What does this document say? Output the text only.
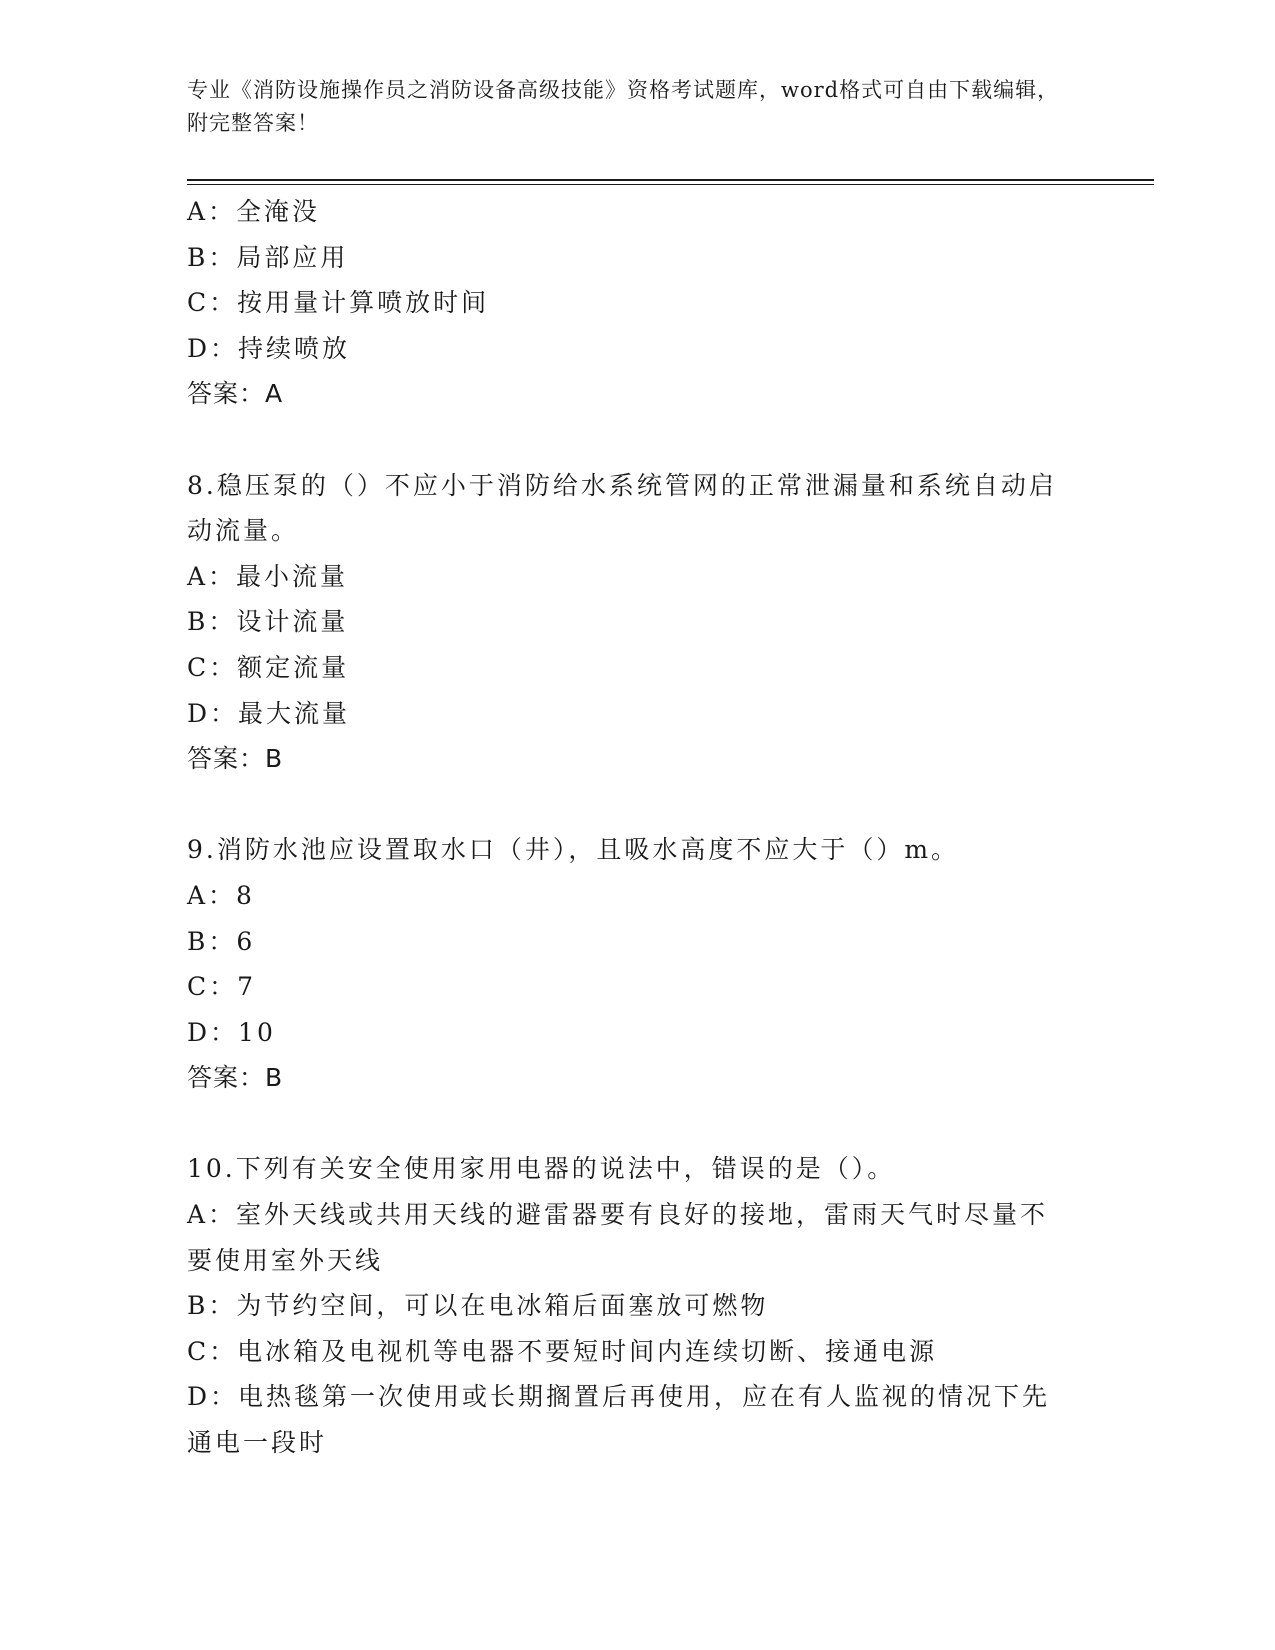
专业《消防设施操作员之消防设备高级技能》资格考试题库，word格式可自由下载编辑，附完整答案！
A：全淹没
B：局部应用
C：按用量计算喷放时间
D：持续喷放
答案：A
8.稳压泵的（）不应小于消防给水系统管网的正常泄漏量和系统自动启动流量。
A：最小流量
B：设计流量
C：额定流量
D：最大流量
答案：B
9.消防水池应设置取水口（井），且吸水高度不应大于（）m。
A：8
B：6
C：7
D：10
答案：B
10.下列有关安全使用家用电器的说法中，错误的是（）。
A：室外天线或共用天线的避雷器要有良好的接地，雷雨天气时尽量不要使用室外天线
B：为节约空间，可以在电冰箱后面塞放可燃物
C：电冰箱及电视机等电器不要短时间内连续切断、接通电源
D：电热毯第一次使用或长期搁置后再使用，应在有人监视的情况下先通电一段时
